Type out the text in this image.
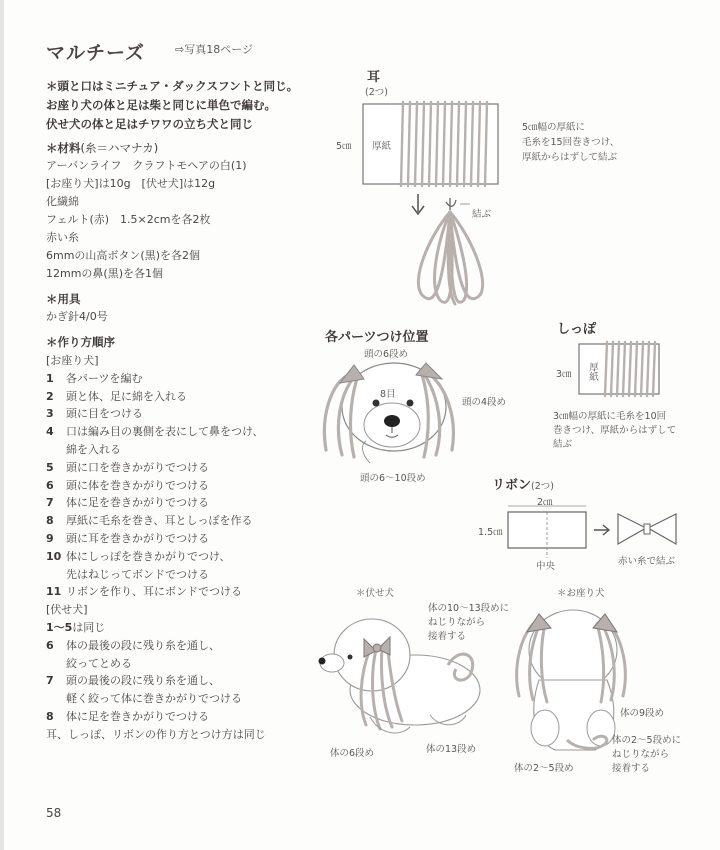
マルチーズ	⇨写真18ページ
＊頭と口はミニチュア・ダックスフントと同じ。
お座り犬の体と足は柴と同じに単色で編む。
伏せ犬の体と足はチワワの立ち犬と同じ
＊材料(糸＝ハマナカ)
アーバンライフ　クラフトモヘアの白(1)
[お座り犬]は10g　[伏せ犬]は12g
化繊綿
フェルト(赤)　1.5×2cmを各2枚
赤い糸
6mmの山高ボタン(黒)を各2個
12mmの鼻(黒)を各1個
＊用具
かぎ針4/0号
＊作り方順序
[お座り犬]
1	各パーツを編む
2	頭と体、足に綿を入れる
3	頭に目をつける
4	口は編み目の裏側を表にして鼻をつけ、
綿を入れる
5	頭に口を巻きかがりでつける
6	頭に体を巻きかがりでつける
7	体に足を巻きかがりでつける
8	厚紙に毛糸を巻き、耳としっぽを作る
9	頭に耳を巻きかがりでつける
10 体にしっぽを巻きかがりでつけ、
先はねじってボンドでつける
11 リボンを作り、耳にボンドでつける
[伏せ犬]
1～5 は同じ
6	体の最後の段に残り糸を通し、
絞ってとめる
7	頭の最後の段に残り糸を通し、
軽く絞って体に巻きかがりでつける
8	体に足を巻きかがりでつける
耳、しっぽ、リボンの作り方とつけ方は同じ
58
耳
(2つ)
5㎝ 厚紙
5㎝幅の厚紙に
毛糸を15回巻きつけ、
厚紙からはずして結ぶ
結ぶ
各パーツつけ位置
頭の6段め
8目
頭の4段め
頭の6～10段め
しっぽ
3㎝ 厚紙
3㎝幅の厚紙に毛糸を10回
巻きつけ、厚紙からはずして
結ぶ
リボン(2つ)
2㎝
1.5㎝
中央	赤い糸で結ぶ
＊伏せ犬
体の10～13段めに
ねじりながら
接着する
体の6段め	体の13段め
＊お座り犬
体の9段め
体の2～5段め
体の2～5段めに
ねじりながら
接着する
